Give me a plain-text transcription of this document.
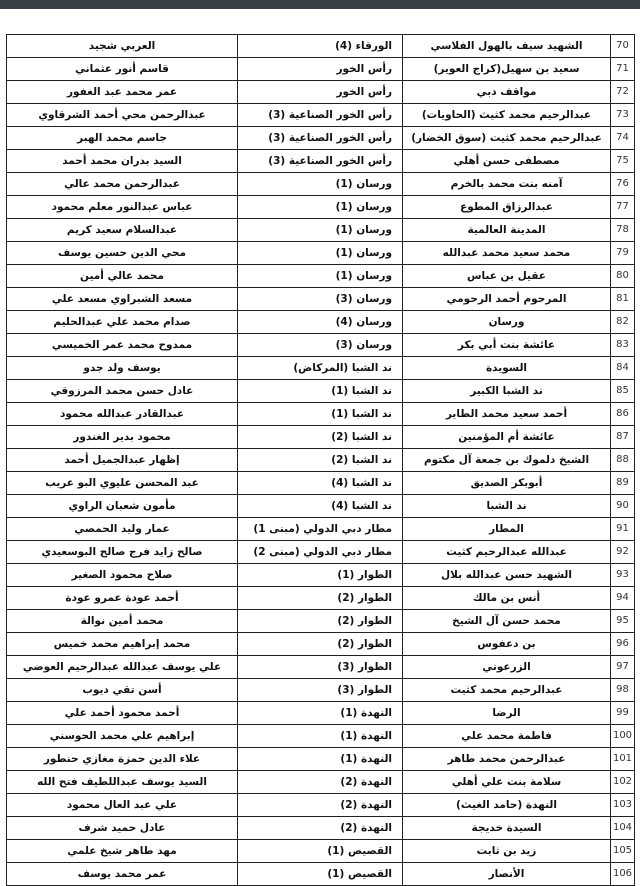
70	الشهيد سيف بالهول الفلاسي	الورقاء (4)	العربي شجيد
71	سعيد بن سهيل(كراج العوير)	رأس الخور	قاسم أنور عثماني
72	مواقف دبي	رأس الخور	عمر محمد عبد الغفور
73	عبدالرحيم محمد كثيث (الحاويات)	رأس الخور الصناعية (3)	عبدالرحمن محي أحمد الشرقاوي
74	عبدالرحيم محمد كثيت (سوق الخضار)	رأس الخور الصناعية (3)	جاسم محمد الهبر
75	مصطفى حسن أهلي	رأس الخور الصناعية (3)	السيد بدران محمد أحمد
76	آمنه بنت محمد بالخرم	ورسان (1)	عبدالرحمن محمد عالي
77	عبدالرزاق المطوع	ورسان (1)	عباس عبدالنور معلم محمود
78	المدينة العالمية	ورسان (1)	عبدالسلام سعيد كريم
79	محمد سعيد محمد عبدالله	ورسان (1)	محي الدين حسين يوسف
80	عقيل بن عباس	ورسان (1)	محمد عالي أمين
81	المرحوم أحمد الرحومي	ورسان (3)	مسعد الشبراوي مسعد علي
82	ورسان	ورسان (4)	صدام محمد علي عبدالحليم
83	عائشة بنت أبي بكر	ورسان (3)	ممدوح محمد عمر الخميسي
84	السويدة	ند الشبا (المركاض)	يوسف ولد جدو
85	ند الشبا الكبير	ند الشبا (1)	عادل حسن محمد المرزوقي
86	أحمد سعيد محمد الطاير	ند الشبا (1)	عبدالقادر عبدالله محمود
87	عائشة أم المؤمنين	ند الشبا (2)	محمود بدير الغندور
88	الشيخ دلموك بن جمعة آل مكتوم	ند الشبا (2)	إظهار عبدالجميل أحمد
89	أبوبكر الصديق	ند الشبا (4)	عبد المحسن عليوي البو عريب
90	ند الشبا	ند الشبا (4)	مأمون شعبان الراوي
91	المطار	مطار دبي الدولي (مبنى 1)	عمار وليد الحمصي
92	عبدالله عبدالرحيم كثيت	مطار دبي الدولي (مبنى 2)	صالح زايد فرج صالح البوسعيدي
93	الشهيد حسن عبدالله بلال	الطوار (1)	صلاح محمود الصغير
94	أنس بن مالك	الطوار (2)	أحمد عودة عمرو عودة
95	محمد حسن آل الشيخ	الطوار (2)	محمد أمين نوالة
96	بن دعفوس	الطوار (2)	محمد إبراهيم محمد خميس
97	الزرعوني	الطوار (3)	علي يوسف عبدالله عبدالرحيم العوضي
98	عبدالرحيم محمد كثيت	الطوار (3)	أسن تقي ديوب
99	الرضا	النهدة (1)	أحمد محمود أحمد علي
100	فاطمة محمد علي	النهدة (1)	إبراهيم علي محمد الحوسني
101	عبدالرحمن محمد طاهر	النهدة (1)	علاء الدين حمزة مغازي حنطور
102	سلامة بنت علي أهلي	النهدة (2)	السيد يوسف عبداللطيف فتح الله
103	النهدة (حامد الغيث)	النهدة (2)	علي عبد العال محمود
104	السيدة خديجة	النهدة (2)	عادل حميد شرف
105	زيد بن ثابت	القصيص (1)	مهد طاهر شيخ علمي
106	الأنصار	القصيص (1)	عمر محمد يوسف
